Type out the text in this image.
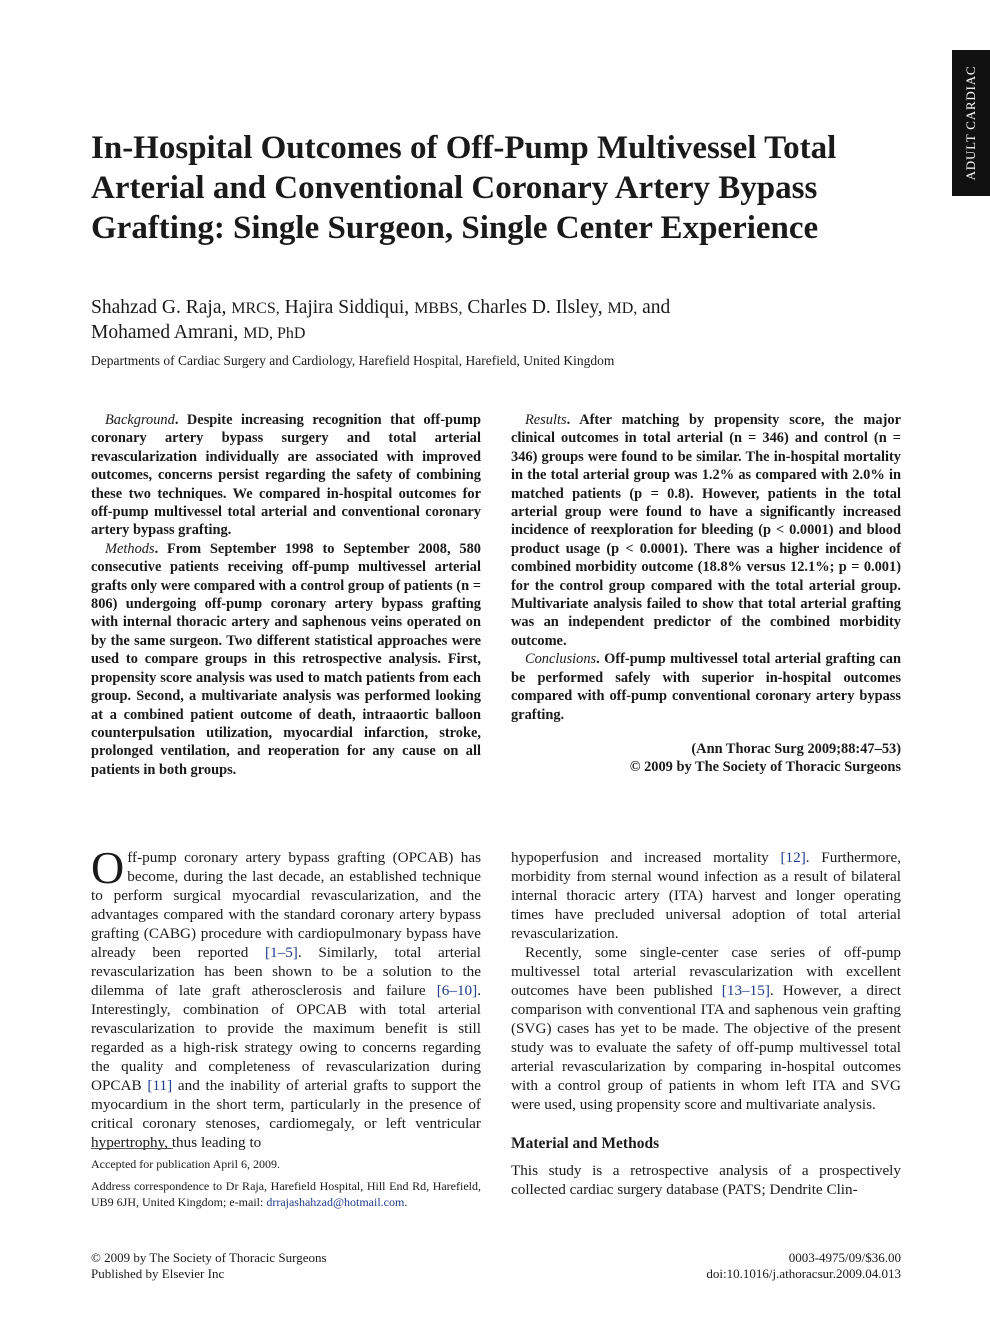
ADULT CARDIAC
In-Hospital Outcomes of Off-Pump Multivessel Total Arterial and Conventional Coronary Artery Bypass Grafting: Single Surgeon, Single Center Experience
Shahzad G. Raja, MRCS, Hajira Siddiqui, MBBS, Charles D. Ilsley, MD, and
Mohamed Amrani, MD, PhD
Departments of Cardiac Surgery and Cardiology, Harefield Hospital, Harefield, United Kingdom

Background. Despite increasing recognition that off-pump coronary artery bypass surgery and total arterial revascularization individually are associated with improved outcomes, concerns persist regarding the safety of combining these two techniques. We compared in-hospital outcomes for off-pump multivessel total arterial and conventional coronary artery bypass grafting.

Methods. From September 1998 to September 2008, 580 consecutive patients receiving off-pump multivessel arterial grafts only were compared with a control group of patients (n = 806) undergoing off-pump coronary artery bypass grafting with internal thoracic artery and saphenous veins operated on by the same surgeon. Two different statistical approaches were used to compare groups in this retrospective analysis. First, propensity score analysis was used to match patients from each group. Second, a multivariate analysis was performed looking at a combined patient outcome of death, intraaortic balloon counterpulsation utilization, myocardial infarction, stroke, prolonged ventilation, and reoperation for any cause on all patients in both groups.

Results. After matching by propensity score, the major clinical outcomes in total arterial (n = 346) and control (n = 346) groups were found to be similar. The in-hospital mortality in the total arterial group was 1.2% as compared with 2.0% in matched patients (p = 0.8). However, patients in the total arterial group were found to have a significantly increased incidence of reexploration for bleeding (p < 0.0001) and blood product usage (p < 0.0001). There was a higher incidence of combined morbidity outcome (18.8% versus 12.1%; p = 0.001) for the control group compared with the total arterial group. Multivariate analysis failed to show that total arterial grafting was an independent predictor of the combined morbidity outcome.

Conclusions. Off-pump multivessel total arterial grafting can be performed safely with superior in-hospital outcomes compared with off-pump conventional coronary artery bypass grafting.

(Ann Thorac Surg 2009;88:47–53)
© 2009 by The Society of Thoracic Surgeons

Off-pump coronary artery bypass grafting (OPCAB) has become, during the last decade, an established technique to perform surgical myocardial revascularization, and the advantages compared with the standard coronary artery bypass grafting (CABG) procedure with cardiopulmonary bypass have already been reported [1–5]. Similarly, total arterial revascularization has been shown to be a solution to the dilemma of late graft atherosclerosis and failure [6–10]. Interestingly, combination of OPCAB with total arterial revascularization to provide the maximum benefit is still regarded as a high-risk strategy owing to concerns regarding the quality and completeness of revascularization during OPCAB [11] and the inability of arterial grafts to support the myocardium in the short term, particularly in the presence of critical coronary stenoses, cardiomegaly, or left ventricular hypertrophy, thus leading to

Accepted for publication April 6, 2009.
Address correspondence to Dr Raja, Harefield Hospital, Hill End Rd, Harefield, UB9 6JH, United Kingdom; e-mail: drrajashahzad@hotmail.com.

hypoperfusion and increased mortality [12]. Furthermore, morbidity from sternal wound infection as a result of bilateral internal thoracic artery (ITA) harvest and longer operating times have precluded universal adoption of total arterial revascularization.

Recently, some single-center case series of off-pump multivessel total arterial revascularization with excellent outcomes have been published [13–15]. However, a direct comparison with conventional ITA and saphenous vein grafting (SVG) cases has yet to be made. The objective of the present study was to evaluate the safety of off-pump multivessel total arterial revascularization by comparing in-hospital outcomes with a control group of patients in whom left ITA and SVG were used, using propensity score and multivariate analysis.

Material and Methods

This study is a retrospective analysis of a prospectively collected cardiac surgery database (PATS; Dendrite Clin-

© 2009 by The Society of Thoracic Surgeons
Published by Elsevier Inc
0003-4975/09/$36.00
doi:10.1016/j.athoracsur.2009.04.013
